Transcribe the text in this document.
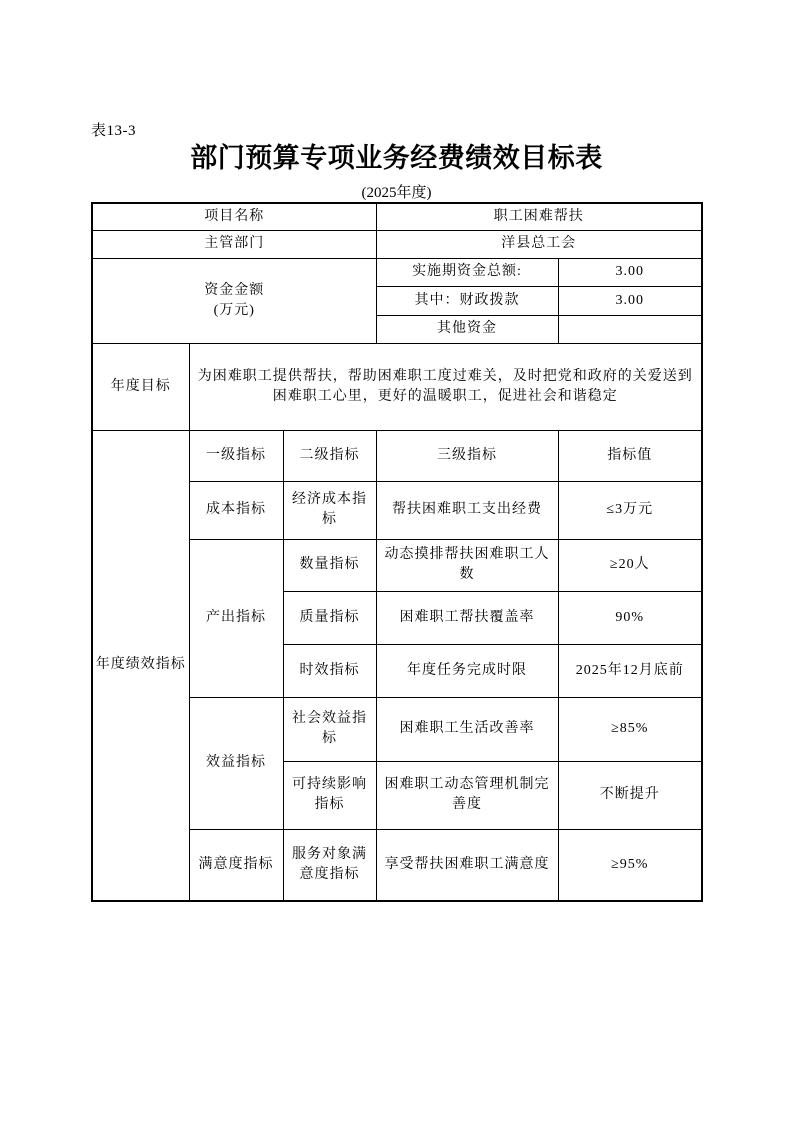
表13-3
部门预算专项业务经费绩效目标表
(2025年度)
项目名称			职工困难帮扶	
主管部门			洋县总工会	

资金金额
(万元)			实施期资金总额:	3.00
			其中：财政拨款	3.00
			其他资金	
年度目标	为困难职工提供帮扶，帮助困难职工度过难关，及时把党和政府的关爱送到困难职工心里，更好的温暖职工，促进社会和谐稳定			
年度绩效指标	一级指标	二级指标	三级指标	指标值
	成本指标	经济成本指标	帮扶困难职工支出经费	≤3万元
	产出指标	数量指标	动态摸排帮扶困难职工人数	≥20人
		质量指标	困难职工帮扶覆盖率	90%
		时效指标	年度任务完成时限	2025年12月底前
	效益指标	社会效益指标	困难职工生活改善率	≥85%
		可持续影响指标	困难职工动态管理机制完善度	不断提升
	满意度指标	服务对象满意度指标	享受帮扶困难职工满意度	≥95%
